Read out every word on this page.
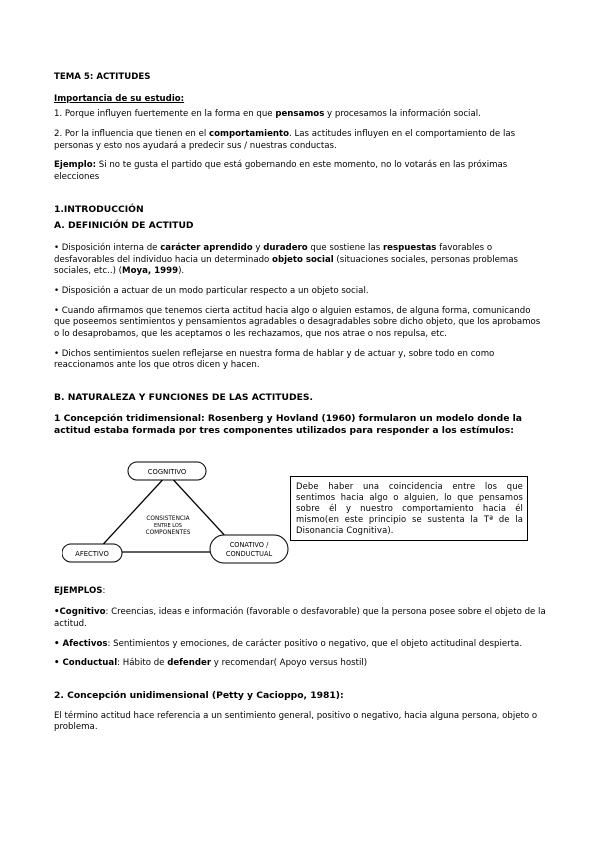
TEMA 5: ACTITUDES

Importancia de su estudio:

1. Porque influyen fuertemente en la forma en que pensamos y procesamos la información social.

2. Por la influencia que tienen en el comportamiento. Las actitudes influyen en el comportamiento de las personas y esto nos ayudará a predecir sus / nuestras conductas.

Ejemplo: Si no te gusta el partido que está gobernando en este momento, no lo votarás en las próximas elecciones

1.INTRODUCCIÓN

A. DEFINICIÓN DE ACTITUD

• Disposición interna de carácter aprendido y duradero que sostiene las respuestas favorables o desfavorables del individuo hacia un determinado objeto social (situaciones sociales, personas problemas sociales, etc..) (Moya, 1999).

• Disposición a actuar de un modo particular respecto a un objeto social.

• Cuando afirmamos que tenemos cierta actitud hacia algo o alguien estamos, de alguna forma, comunicando que poseemos sentimientos y pensamientos agradables o desagradables sobre dicho objeto, que los aprobamos o lo desaprobamos, que les aceptamos o les rechazamos, que nos atrae o nos repulsa, etc.

• Dichos sentimientos suelen reflejarse en nuestra forma de hablar y de actuar y, sobre todo en como reaccionamos ante los que otros dicen y hacen.

B. NATURALEZA Y FUNCIONES DE LAS ACTITUDES.

1 Concepción tridimensional: Rosenberg y Hovland (1960) formularon un modelo donde la actitud estaba formada por tres componentes utilizados para responder a los estímulos:

COGNITIVO
AFECTIVO
CONATIVO /
CONDUCTUAL
CONSISTENCIA
ENTRE LOS
COMPONENTES
Debe haber una coincidencia entre los que sentimos hacia algo o alguien, lo que pensamos sobre él y nuestro comportamiento hacia él mismo(en este principio se sustenta la Tª de la Disonancia Cognitiva).

EJEMPLOS:

•Cognitivo: Creencias, ideas e información (favorable o desfavorable) que la persona posee sobre el objeto de la actitud.

• Afectivos: Sentimientos y emociones, de carácter positivo o negativo, que el objeto actitudinal despierta.

• Conductual: Hábito de defender y recomendar( Apoyo versus hostil)

2. Concepción unidimensional (Petty y Cacioppo, 1981):

El término actitud hace referencia a un sentimiento general, positivo o negativo, hacia alguna persona, objeto o problema.
